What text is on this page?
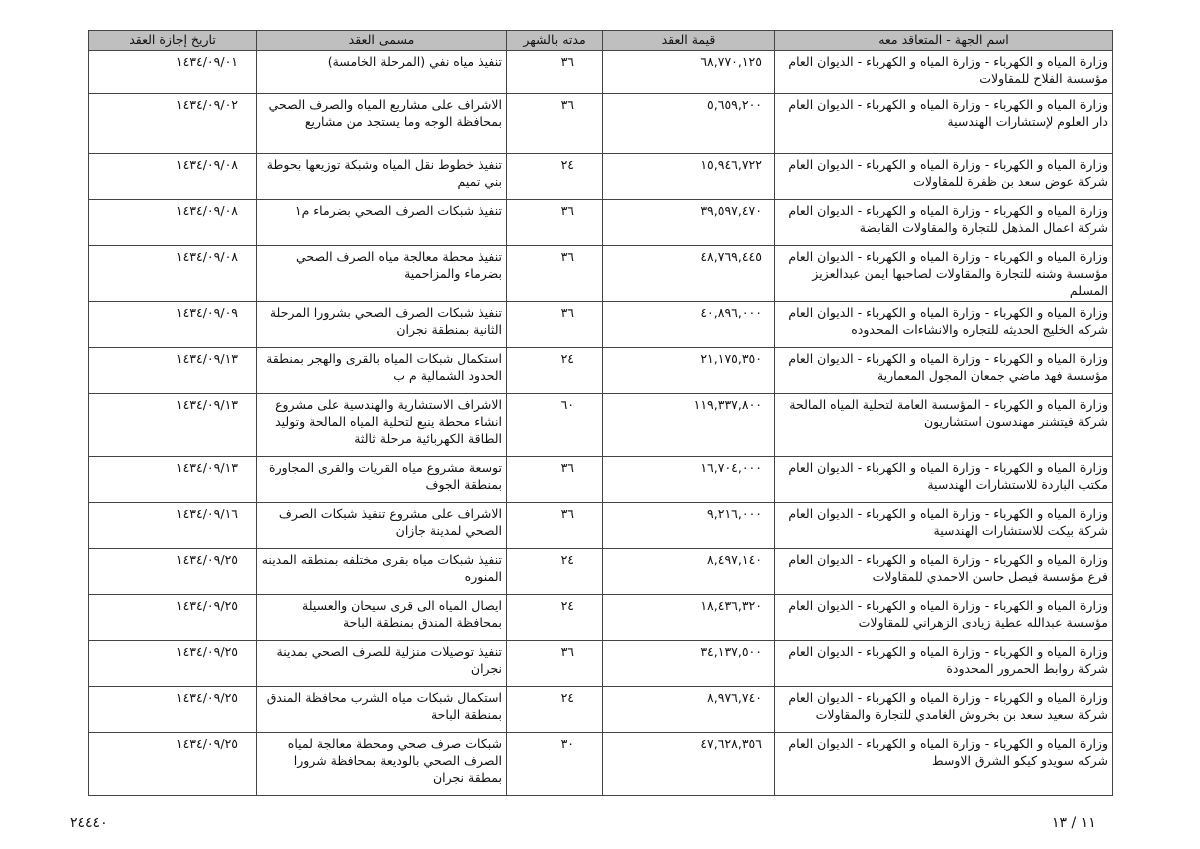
اسم الجهة - المتعاقد معه	قيمة العقد	مدته بالشهر	مسمى العقد	تاريخ إجازة العقد

وزارة المياه و الكهرباء - وزارة المياه و الكهرباء - الديوان العام
مؤسسة الفلاح للمقاولات	٦٨,٧٧٠,١٢٥	٣٦	تنفيذ مياه نفي (المرحلة الخامسة)	١٤٣٤/٠٩/٠١

وزارة المياه و الكهرباء - وزارة المياه و الكهرباء - الديوان العام
دار العلوم لإستشارات الهندسية	٥,٦٥٩,٢٠٠	٣٦	الاشراف على مشاريع المياه والصرف الصحي بمحافظة الوجه وما يستجد من مشاريع	١٤٣٤/٠٩/٠٢

وزارة المياه و الكهرباء - وزارة المياه و الكهرباء - الديوان العام
شركة عوض سعد بن ظفرة للمقاولات	١٥,٩٤٦,٧٢٢	٢٤	تنفيذ خطوط نقل المياه وشبكة توزيعها بحوطة بني تميم	١٤٣٤/٠٩/٠٨

وزارة المياه و الكهرباء - وزارة المياه و الكهرباء - الديوان العام
شركة اعمال المذهل للتجارة والمقاولات القابضة	٣٩,٥٩٧,٤٧٠	٣٦	تنفيذ شبكات الصرف الصحي بضرماء م١	١٤٣٤/٠٩/٠٨

وزارة المياه و الكهرباء - وزارة المياه و الكهرباء - الديوان العام
مؤسسة وشنه للتجارة والمقاولات لصاحبها ايمن عبدالعزيز المسلم	٤٨,٧٦٩,٤٤٥	٣٦	تنفيذ محطة معالجة مياه الصرف الصحي بضرماء والمزاحمية	١٤٣٤/٠٩/٠٨

وزارة المياه و الكهرباء - وزارة المياه و الكهرباء - الديوان العام
شركه الخليج الحديثه للتجاره والانشاءات المحدوده	٤٠,٨٩٦,٠٠٠	٣٦	تنفيذ شبكات الصرف الصحي بشرورا المرحلة الثانية بمنطقة نجران	١٤٣٤/٠٩/٠٩

وزارة المياه و الكهرباء - وزارة المياه و الكهرباء - الديوان العام
مؤسسة فهد ماضي جمعان المجول المعمارية	٢١,١٧٥,٣٥٠	٢٤	استكمال شبكات المياه بالقرى والهجر بمنطقة الحدود الشمالية م ب	١٤٣٤/٠٩/١٣

وزارة المياه و الكهرباء - المؤسسة العامة لتحلية المياه المالحة
شركة فيتشنر مهندسون استشاريون	١١٩,٣٣٧,٨٠٠	٦٠	الاشراف الاستشارية والهندسية على مشروع انشاء محطة ينبع لتحلية المياه المالحة وتوليد الطاقة الكهربائية مرحلة ثالثة	١٤٣٤/٠٩/١٣

وزارة المياه و الكهرباء - وزارة المياه و الكهرباء - الديوان العام
مكتب الباردة للاستشارات الهندسية	١٦,٧٠٤,٠٠٠	٣٦	توسعة مشروع مياه القريات والقرى المجاورة بمنطقة الجوف	١٤٣٤/٠٩/١٣

وزارة المياه و الكهرباء - وزارة المياه و الكهرباء - الديوان العام
شركة بيكت للاستشارات الهندسية	٩,٢١٦,٠٠٠	٣٦	الاشراف على مشروع تنفيذ شبكات الصرف الصحي لمدينة جازان	١٤٣٤/٠٩/١٦

وزارة المياه و الكهرباء - وزارة المياه و الكهرباء - الديوان العام
فرع مؤسسة فيصل حاسن الاحمدي للمقاولات	٨,٤٩٧,١٤٠	٢٤	تنفيذ شبكات مياه بقرى مختلفه بمنطقه المدينه المنوره	١٤٣٤/٠٩/٢٥

وزارة المياه و الكهرباء - وزارة المياه و الكهرباء - الديوان العام
مؤسسة عبدالله عطية زيادى الزهراني للمقاولات	١٨,٤٣٦,٣٢٠	٢٤	ايصال المياه الى قرى سيحان والعسيلة بمحافظة المندق بمنطقة الباحة	١٤٣٤/٠٩/٢٥

وزارة المياه و الكهرباء - وزارة المياه و الكهرباء - الديوان العام
شركة روابط الحمرور المحدودة	٣٤,١٣٧,٥٠٠	٣٦	تنفيذ توصيلات منزلية للصرف الصحي بمدينة نجران	١٤٣٤/٠٩/٢٥

وزارة المياه و الكهرباء - وزارة المياه و الكهرباء - الديوان العام
شركة سعيد سعد بن بخروش الغامدي للتجارة والمقاولات	٨,٩٧٦,٧٤٠	٢٤	استكمال شبكات مياه الشرب محافظة المندق بمنطقة الباحة	١٤٣٤/٠٩/٢٥

وزارة المياه و الكهرباء - وزارة المياه و الكهرباء - الديوان العام
شركه سويدو كيكو الشرق الاوسط	٤٧,٦٢٨,٣٥٦	٣٠	شبكات صرف صحي ومحطة معالجة لمياه الصرف الصحي بالوديعة بمحافظة شرورا بمطقة نجران	١٤٣٤/٠٩/٢٥
٢٤٤٤٠	١١ / ١٣
